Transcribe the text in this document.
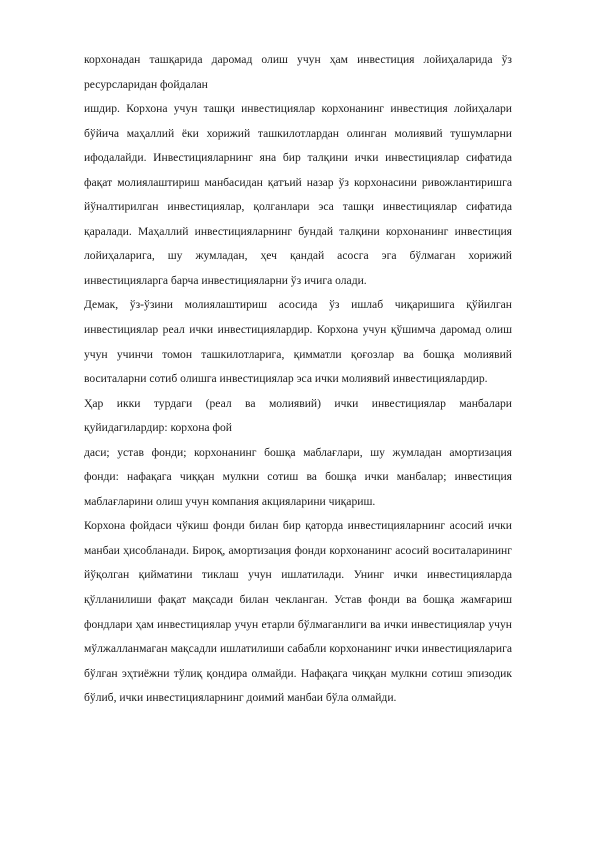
корхонадан ташқарида даромад олиш учун ҳам инвестиция лойиҳаларида ўз ресурсларидан фойдалан

ишдир. Корхона учун ташқи инвестициялар корхонанинг инвестиция лойиҳалари бўйича маҳаллий ёки хорижий ташкилотлардан олинган молиявий тушумларни ифодалайди. Инвестицияларнинг яна бир талқини ички инвестициялар сифатида фақат молиялаштириш манбасидан қатъий назар ўз корхонасини ривожлантиришга йўналтирилган инвестициялар, қолганлари эса ташқи инвестициялар сифатида қаралади. Маҳаллий инвестицияларнинг бундай талқини корхонанинг инвестиция лойиҳаларига, шу жумладан, ҳеч қандай асосга эга бўлмаган хорижий инвестицияларга барча инвестицияларни ўз ичига олади.

Демак, ўз-ўзини молиялаштириш асосида ўз ишлаб чиқаришига қўйилган инвестициялар реал ички инвестициялардир. Корхона учун қўшимча даромад олиш учун учинчи томон ташкилотларига, қимматли қоғозлар ва бошқа молиявий воситаларни сотиб олишга инвестициялар эса ички молиявий инвестициялардир.

Ҳар икки турдаги (реал ва молиявий) ички инвестициялар манбалари қуйидагилардир: корхона фой

даси; устав фонди; корхонанинг бошқа маблағлари, шу жумладан амортизация фонди: нафақага чиққан мулкни сотиш ва бошқа ички манбалар; инвестиция маблағларини олиш учун компания акцияларини чиқариш.

Корхона фойдаси чўкиш фонди билан бир қаторда инвестицияларнинг асосий ички манбаи ҳисобланади. Бироқ, амортизация фонди корхонанинг асосий воситаларининг йўқолган қийматини тиклаш учун ишлатилади. Унинг ички инвестицияларда қўлланилиши фақат мақсади билан чекланган. Устав фонди ва бошқа жамғариш фондлари ҳам инвестициялар учун етарли бўлмаганлиги ва ички инвестициялар учун мўлжалланмаган мақсадли ишлатилиши сабабли корхонанинг ички инвестицияларига бўлган эҳтиёжни тўлиқ қондира олмайди. Нафақага чиққан мулкни сотиш эпизодик бўлиб, ички инвестицияларнинг доимий манбаи бўла олмайди.
